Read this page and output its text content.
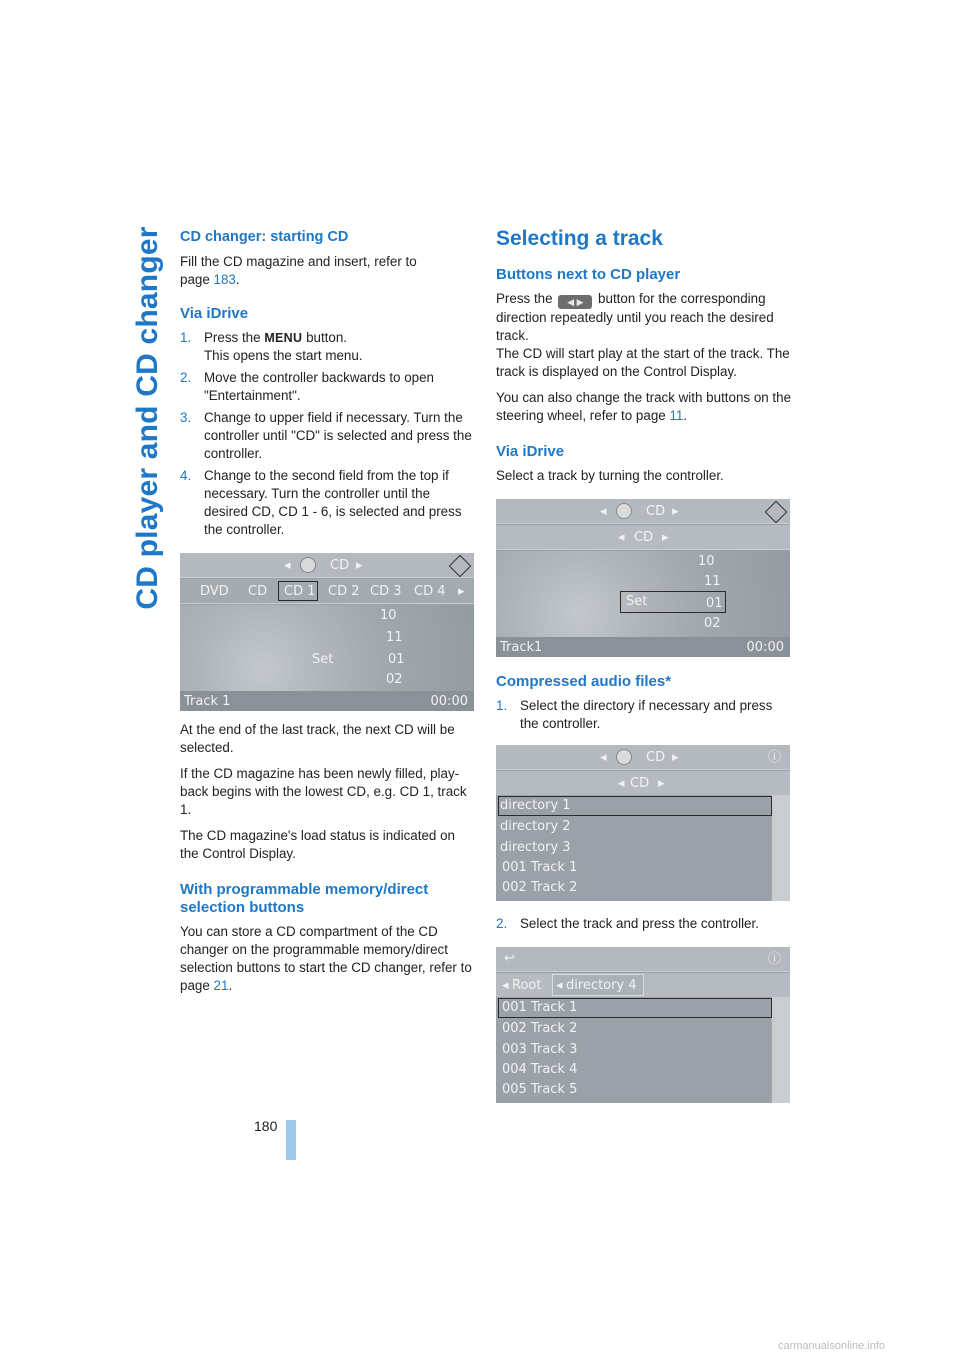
CD player and CD changer CD changer: starting CD

Fill the CD magazine and insert, refer to
page 183.

Via iDrive
1. Press the MENU button.
This opens the start menu.
2. Move the controller backwards to open "Entertainment".
3. Change to upper field if necessary. Turn the controller until "CD" is selected and press the controller.
4. Change to the second field from the top if necessary. Turn the controller until the desired CD, CD 1 - 6, is selected and press the controller.
◂	CD ▸
DVD CD CD 1 CD 2 CD 3 CD 4 ▸
10
11
Set	01
02
Track 1	00:00

At the end of the last track, the next CD will be selected.

If the CD magazine has been newly filled, play-back begins with the lowest CD, e.g. CD 1, track 1.

The CD magazine's load status is indicated on the Control Display.

With programmable memory/direct selection buttons

You can store a CD compartment of the CD changer on the programmable memory/direct selection buttons to start the CD changer, refer to page 21.

Selecting a track
Buttons next to CD player

Press the ◀ ▶ button for the corresponding direction repeatedly until you reach the desired track.

The CD will start play at the start of the track. The track is displayed on the Control Display.

You can also change the track with buttons on the steering wheel, refer to page 11.

Via iDrive

Select a track by turning the controller.

◂	CD ▸
◂ CD ▸
10
11
Set	01
02
Track1	00:00
Compressed audio files*
1. Select the directory if necessary and press the controller.
◂	CD ▸	ⓘ
◂ CD ▸
directory 1
directory 2
directory 3
001 Track 1
002 Track 2
2. Select the track and press the controller.
↩	ⓘ
◂ Root ◂ directory 4
001 Track 1
002 Track 2
003 Track 3
004 Track 4
005 Track 5
180
carmanualsonline.info
